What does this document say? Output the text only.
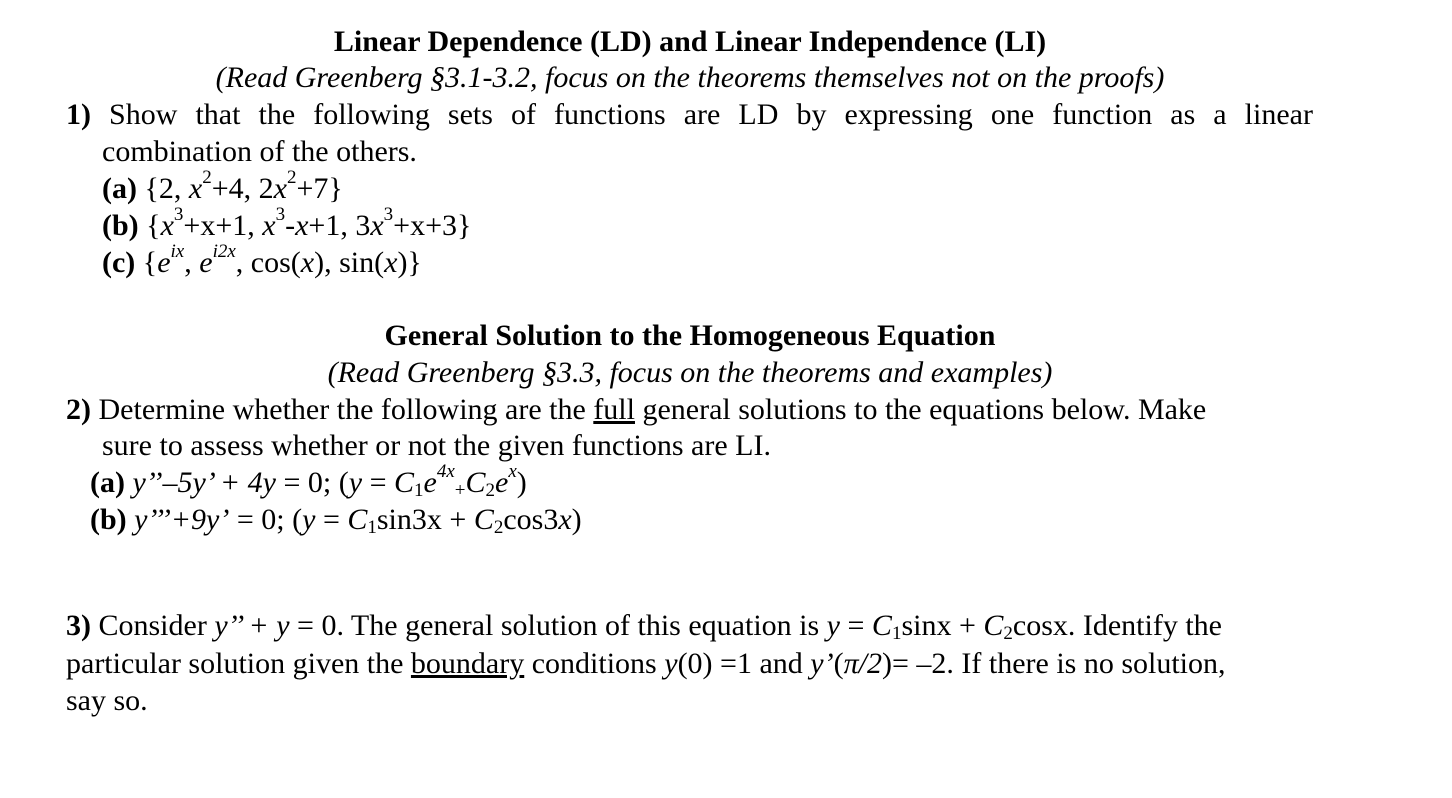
Linear Dependence (LD) and Linear Independence (LI)
(Read Greenberg §3.1-3.2, focus on the theorems themselves not on the proofs)
1) Show that the following sets of functions are LD by expressing one function as a linear
combination of the others.
(a) {2, $x^2+4$, $2x^2+7$}
(b) {$x^3+x+1$, $x^3-x+1$, $3x^3+x+3$}
(c) {$e^{ix}$, $e^{i2x}$, cos(x), sin(x)}
General Solution to the Homogeneous Equation
(Read Greenberg §3.3, focus on the theorems and examples)
2) Determine whether the following are the full general solutions to the equations below. Make
sure to assess whether or not the given functions are LI.
(a) y’’–5y’ + 4y = 0; $(y = C_1e^{4x}_+C_2e^x)$
(b) y’’’+9y’ = 0; $(y = C_1\sin 3x + C_2\cos 3x)$
3) Consider y’’ + y = 0. The general solution of this equation is $y = C_1\sin x + C_2\cos x$. Identify the
particular solution given the boundary conditions y(0) =1 and y’(π/2)= –2. If there is no solution,
say so.
